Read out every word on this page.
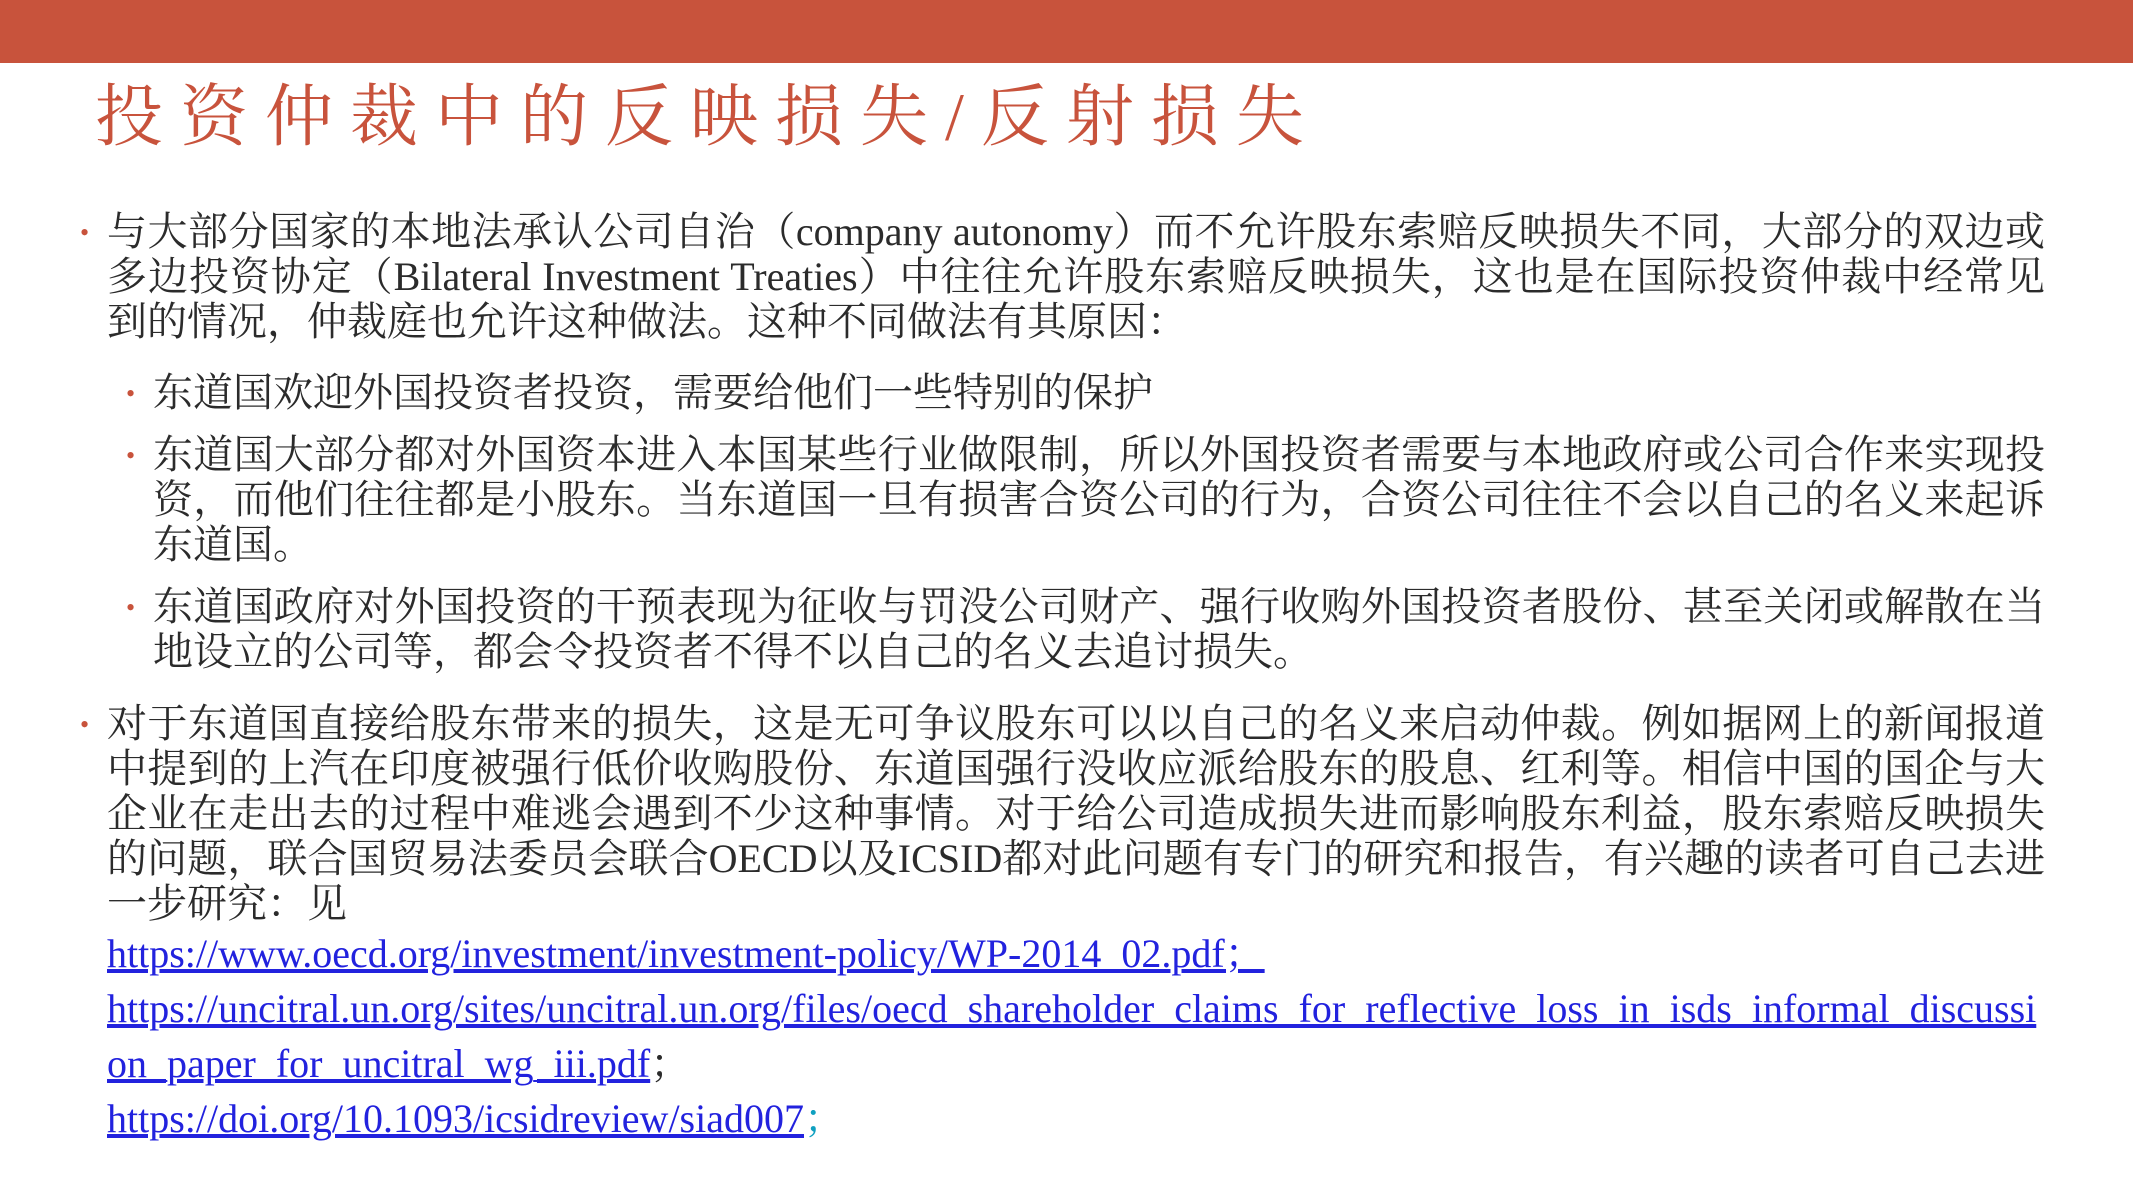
投资仲裁中的反映损失/反射损失
• 与大部分国家的本地法承认公司自治（company autonomy）而不允许股东索赔反映损失不同，大部分的双边或多边投资协定（Bilateral Investment Treaties）中往往允许股东索赔反映损失，这也是在国际投资仲裁中经常见到的情况，仲裁庭也允许这种做法。这种不同做法有其原因：

• 东道国欢迎外国投资者投资，需要给他们一些特别的保护

• 东道国大部分都对外国资本进入本国某些行业做限制，所以外国投资者需要与本地政府或公司合作来实现投资，而他们往往都是小股东。当东道国一旦有损害合资公司的行为，合资公司往往不会以自己的名义来起诉东道国。

• 东道国政府对外国投资的干预表现为征收与罚没公司财产、强行收购外国投资者股份、甚至关闭或解散在当地设立的公司等，都会令投资者不得不以自己的名义去追讨损失。

• 对于东道国直接给股东带来的损失，这是无可争议股东可以以自己的名义来启动仲裁。例如据网上的新闻报道中提到的上汽在印度被强行低价收购股份、东道国强行没收应派给股东的股息、红利等。相信中国的国企与大企业在走出去的过程中难逃会遇到不少这种事情。对于给公司造成损失进而影响股东利益，股东索赔反映损失的问题，联合国贸易法委员会联合OECD以及ICSID都对此问题有专门的研究和报告，有兴趣的读者可自己去进一步研究：见
https://www.oecd.org/investment/investment-policy/WP-2014_02.pdf；
https://uncitral.un.org/sites/uncitral.un.org/files/oecd_shareholder_claims_for_reflective_loss_in_isds_informal_discussion_paper_for_uncitral_wg_iii.pdf；
https://doi.org/10.1093/icsidreview/siad007；
